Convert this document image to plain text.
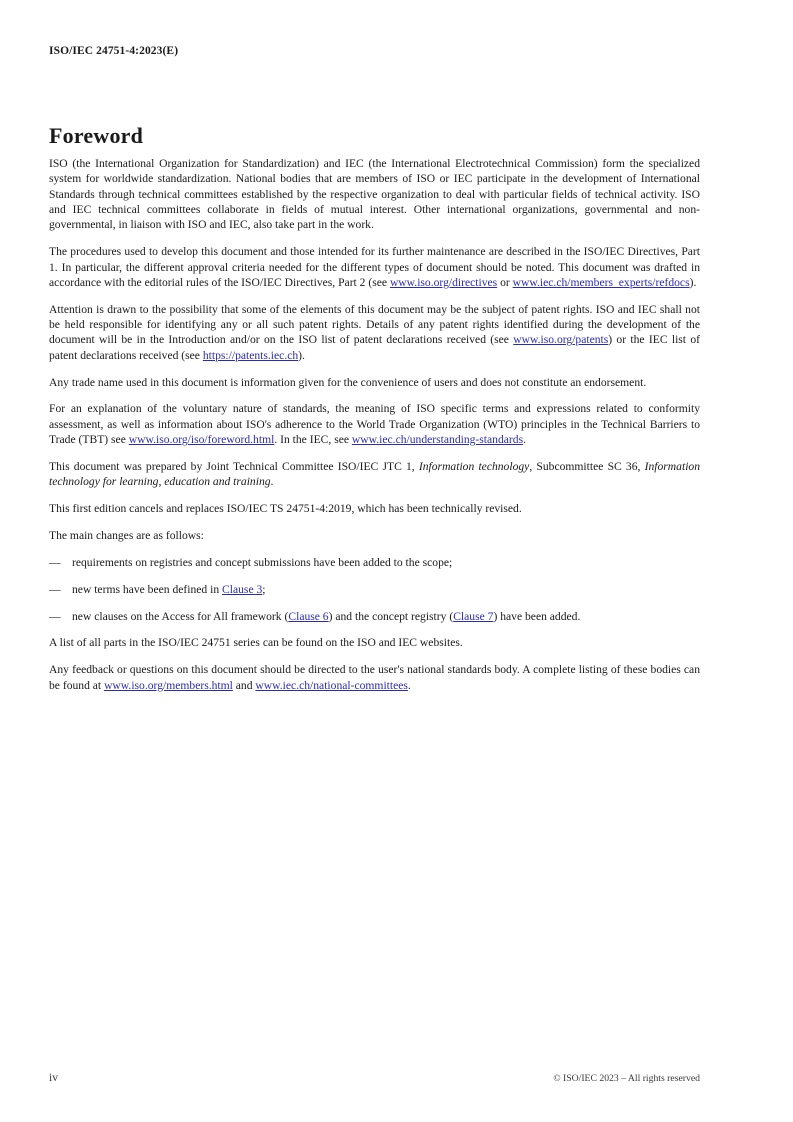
ISO/IEC 24751-4:2023(E)
Foreword

ISO (the International Organization for Standardization) and IEC (the International Electrotechnical Commission) form the specialized system for worldwide standardization. National bodies that are members of ISO or IEC participate in the development of International Standards through technical committees established by the respective organization to deal with particular fields of technical activity. ISO and IEC technical committees collaborate in fields of mutual interest. Other international organizations, governmental and non-governmental, in liaison with ISO and IEC, also take part in the work.

The procedures used to develop this document and those intended for its further maintenance are described in the ISO/IEC Directives, Part 1. In particular, the different approval criteria needed for the different types of document should be noted. This document was drafted in accordance with the editorial rules of the ISO/IEC Directives, Part 2 (see www.iso.org/directives or www.iec.ch/members_experts/refdocs).

Attention is drawn to the possibility that some of the elements of this document may be the subject of patent rights. ISO and IEC shall not be held responsible for identifying any or all such patent rights. Details of any patent rights identified during the development of the document will be in the Introduction and/or on the ISO list of patent declarations received (see www.iso.org/patents) or the IEC list of patent declarations received (see https://patents.iec.ch).

Any trade name used in this document is information given for the convenience of users and does not constitute an endorsement.

For an explanation of the voluntary nature of standards, the meaning of ISO specific terms and expressions related to conformity assessment, as well as information about ISO's adherence to the World Trade Organization (WTO) principles in the Technical Barriers to Trade (TBT) see www.iso.org/iso/foreword.html. In the IEC, see www.iec.ch/understanding-standards.

This document was prepared by Joint Technical Committee ISO/IEC JTC 1, Information technology, Subcommittee SC 36, Information technology for learning, education and training.

This first edition cancels and replaces ISO/IEC TS 24751-4:2019, which has been technically revised.

The main changes are as follows:

— requirements on registries and concept submissions have been added to the scope;
— new terms have been defined in Clause 3;
— new clauses on the Access for All framework (Clause 6) and the concept registry (Clause 7) have been added.

A list of all parts in the ISO/IEC 24751 series can be found on the ISO and IEC websites.

Any feedback or questions on this document should be directed to the user's national standards body. A complete listing of these bodies can be found at www.iso.org/members.html and www.iec.ch/national-committees.

iv	© ISO/IEC 2023 – All rights reserved
